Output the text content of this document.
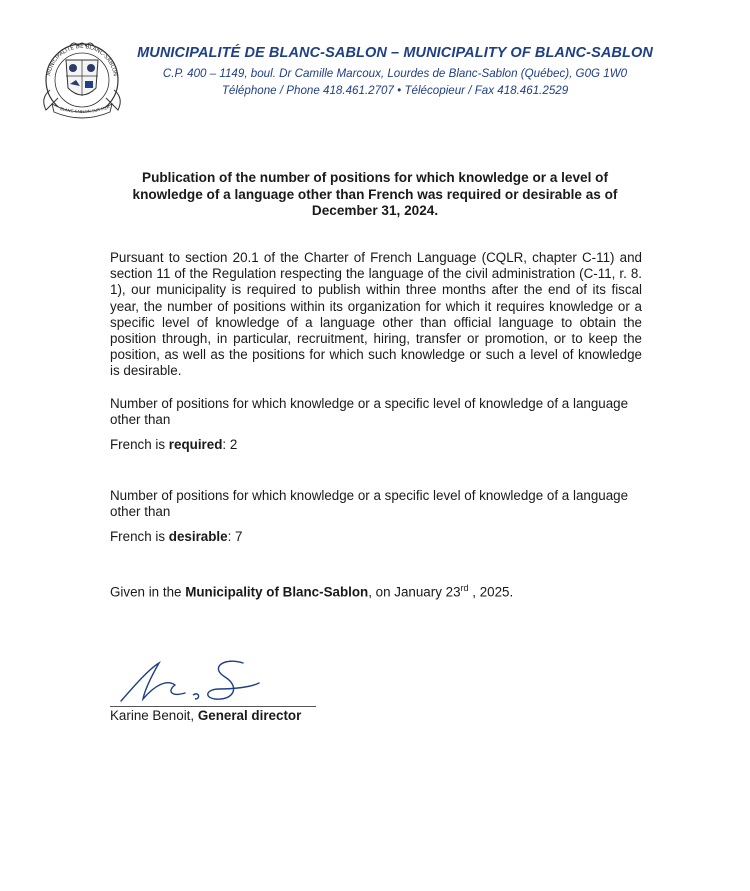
MUNICIPALITÉ DE BLANC-SABLON
BLANC-SABLON SUR MER
MUNICIPALITÉ DE BLANC-SABLON – MUNICIPALITY OF BLANC-SABLON
C.P. 400 – 1149, boul. Dr Camille Marcoux, Lourdes de Blanc-Sablon (Québec), G0G 1W0
Téléphone / Phone 418.461.2707 • Télécopieur / Fax 418.461.2529
Publication of the number of positions for which knowledge or a level of knowledge of a language other than French was required or desirable as of December 31, 2024.
Pursuant to section 20.1 of the Charter of French Language (CQLR, chapter C-11) and section 11 of the Regulation respecting the language of the civil administration (C-11, r. 8. 1), our municipality is required to publish within three months after the end of its fiscal year, the number of positions within its organization for which it requires knowledge or a specific level of knowledge of a language other than official language to obtain the position through, in particular, recruitment, hiring, transfer or promotion, or to keep the position, as well as the positions for which such knowledge or such a level of knowledge is desirable.
Number of positions for which knowledge or a specific level of knowledge of a language other than
French is required: 2
Number of positions for which knowledge or a specific level of knowledge of a language other than
French is desirable: 7
Given in the Municipality of Blanc-Sablon, on January 23rd , 2025.
Karine Benoit, General director
